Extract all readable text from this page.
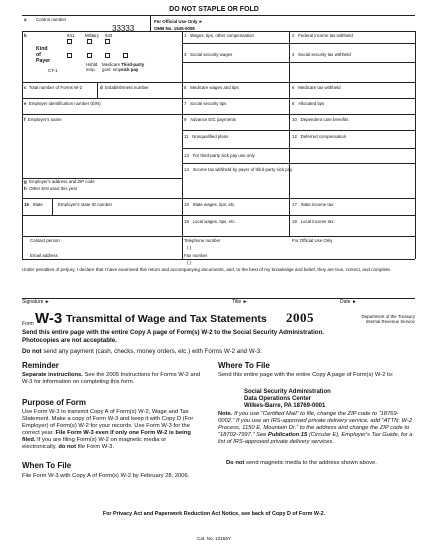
DO NOT STAPLE OR FOLD
a Control number
33333
For Official Use Only ►
OMB No. 1545-0008
b
Kind
of
Payer
941 Military 943
CT-1
Hshld.
emp.
Medicare
govt. emp.
Third-party
sick pay
1 Wages, tips, other compensation	2 Federal income tax withheld
3 Social security wages	4 Social security tax withheld
5 Medicare wages and tips	6 Medicare tax withheld
7 Social security tips	8 Allocated tips
9 Advance EIC payments	10 Dependent care benefits
11 Nonqualified plans	12 Deferred compensation
13 For third-party sick pay use only
14 Income tax withheld by payer of third-party sick pay
16 State wages, tips, etc.	17 State income tax
18 Local wages, tips, etc.	19 Local income tax
Telephone number
( )
For Official Use Only
Fax number
( )
c Total number of Forms W-2	d Establishment number
e Employer identification number (EIN)
f Employer's name
g Employer's address and ZIP code
h Other EIN used this year
15 State	Employer's state ID number
Contact person
Email address
Under penalties of perjury, I declare that I have examined this return and accompanying documents, and, to the best of my knowledge and belief, they are true, correct, and complete.
Signature ►	Title ►	Date ►
Form W-3 Transmittal of Wage and Tax Statements 2005	Department of the Treasury
Internal Revenue Service
Send this entire page with the entire Copy A page of Form(s) W-2 to the Social Security Administration.
Photocopies are not acceptable.
Do not send any payment (cash, checks, money orders, etc.) with Forms W-2 and W-3.
Reminder
Separate instructions. See the 2005 Instructions for Forms W-2 and W-3 for information on completing this form.
Purpose of Form
Use Form W-3 to transmit Copy A of Form(s) W-2, Wage and Tax Statement. Make a copy of Form W-3 and keep it with Copy D (For Employer) of Form(s) W-2 for your records. Use Form W-3 for the correct year. File Form W-3 even if only one Form W-2 is being filed. If you are filing Form(s) W-2 on magnetic media or electronically, do not file Form W-3.
When To File
File Form W-3 with Copy A of Form(s) W-2 by February 28, 2006.
Where To File
Send this entire page with the entire Copy A page of Form(s) W-2 to:
Social Security Administration
Data Operations Center
Wilkes-Barre, PA 18769-0001
Note. If you use “Certified Mail” to file, change the ZIP code to “18769-0002.” If you use an IRS-approved private delivery service, add “ATTN: W-2 Process, 1150 E. Mountain Dr.” to the address and change the ZIP code to “18702-7997.” See Publication 15 (Circular E), Employer's Tax Guide, for a list of IRS-approved private delivery services.
Do not send magnetic media to the address shown above.
For Privacy Act and Paperwork Reduction Act Notice, see back of Copy D of Form W-2.
Cat. No. 10159Y
